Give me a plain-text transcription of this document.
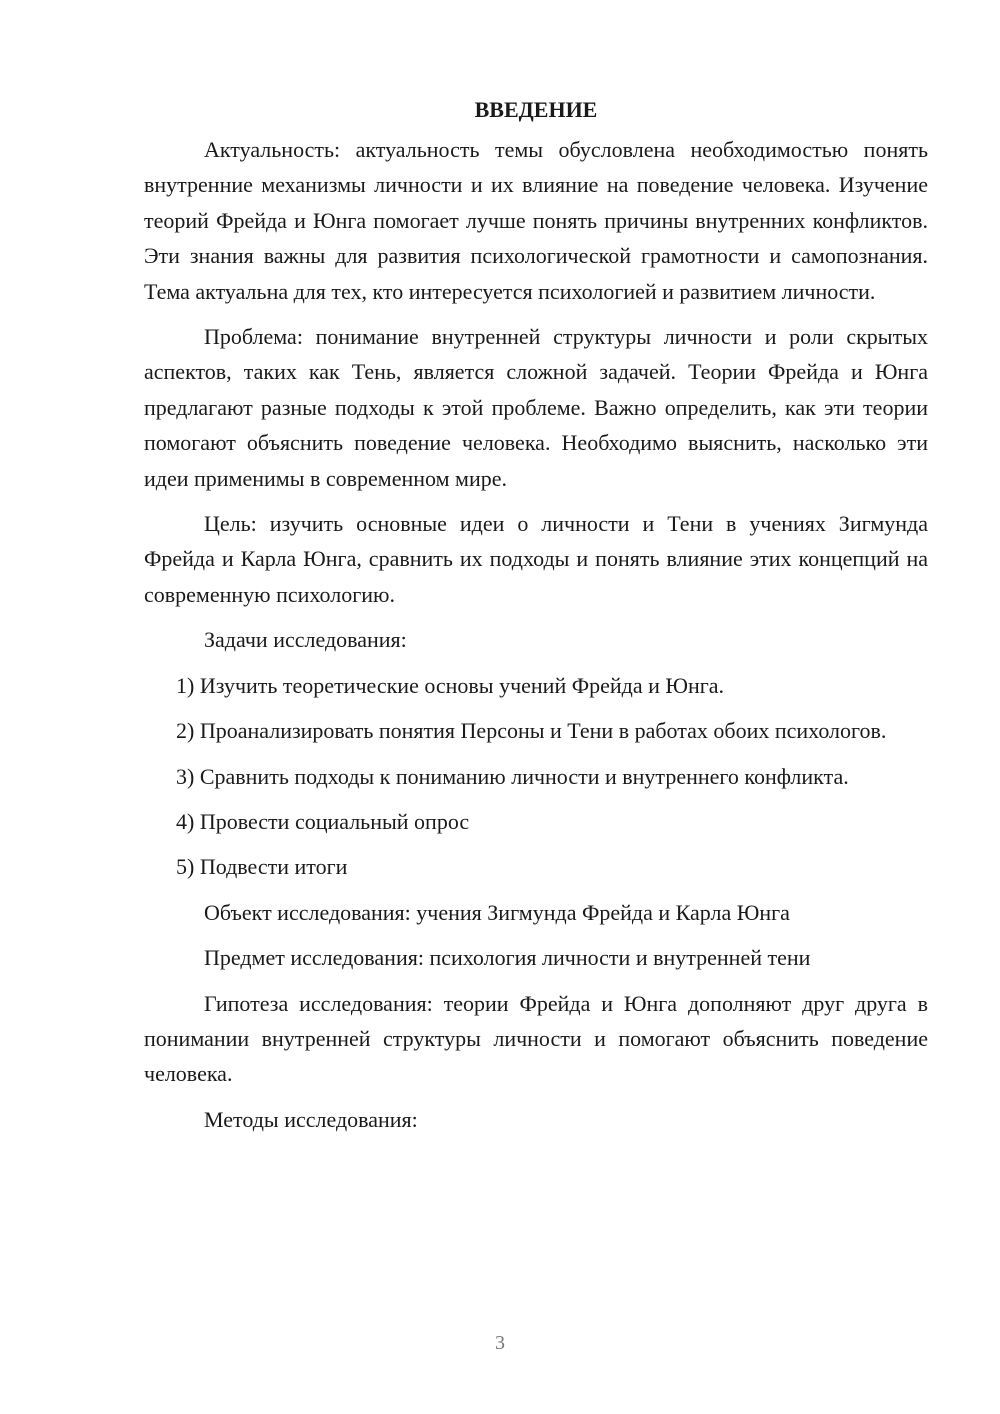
ВВЕДЕНИЕ

Актуальность: актуальность темы обусловлена необходимостью понять внутренние механизмы личности и их влияние на поведение человека. Изучение теорий Фрейда и Юнга помогает лучше понять причины внутренних конфликтов. Эти знания важны для развития психологической грамотности и самопознания. Тема актуальна для тех, кто интересуется психологией и развитием личности.

Проблема: понимание внутренней структуры личности и роли скрытых аспектов, таких как Тень, является сложной задачей. Теории Фрейда и Юнга предлагают разные подходы к этой проблеме. Важно определить, как эти теории помогают объяснить поведение человека. Необходимо выяснить, насколько эти идеи применимы в современном мире.

Цель: изучить основные идеи о личности и Тени в учениях Зигмунда Фрейда и Карла Юнга, сравнить их подходы и понять влияние этих концепций на современную психологию.

Задачи исследования:

1) Изучить теоретические основы учений Фрейда и Юнга.

2) Проанализировать понятия Персоны и Тени в работах обоих психологов.

3) Сравнить подходы к пониманию личности и внутреннего конфликта.

4) Провести социальный опрос

5) Подвести итоги

Объект исследования: учения Зигмунда Фрейда и Карла Юнга

Предмет исследования: психология личности и внутренней тени

Гипотеза исследования: теории Фрейда и Юнга дополняют друг друга в понимании внутренней структуры личности и помогают объяснить поведение человека.

Методы исследования:

3
